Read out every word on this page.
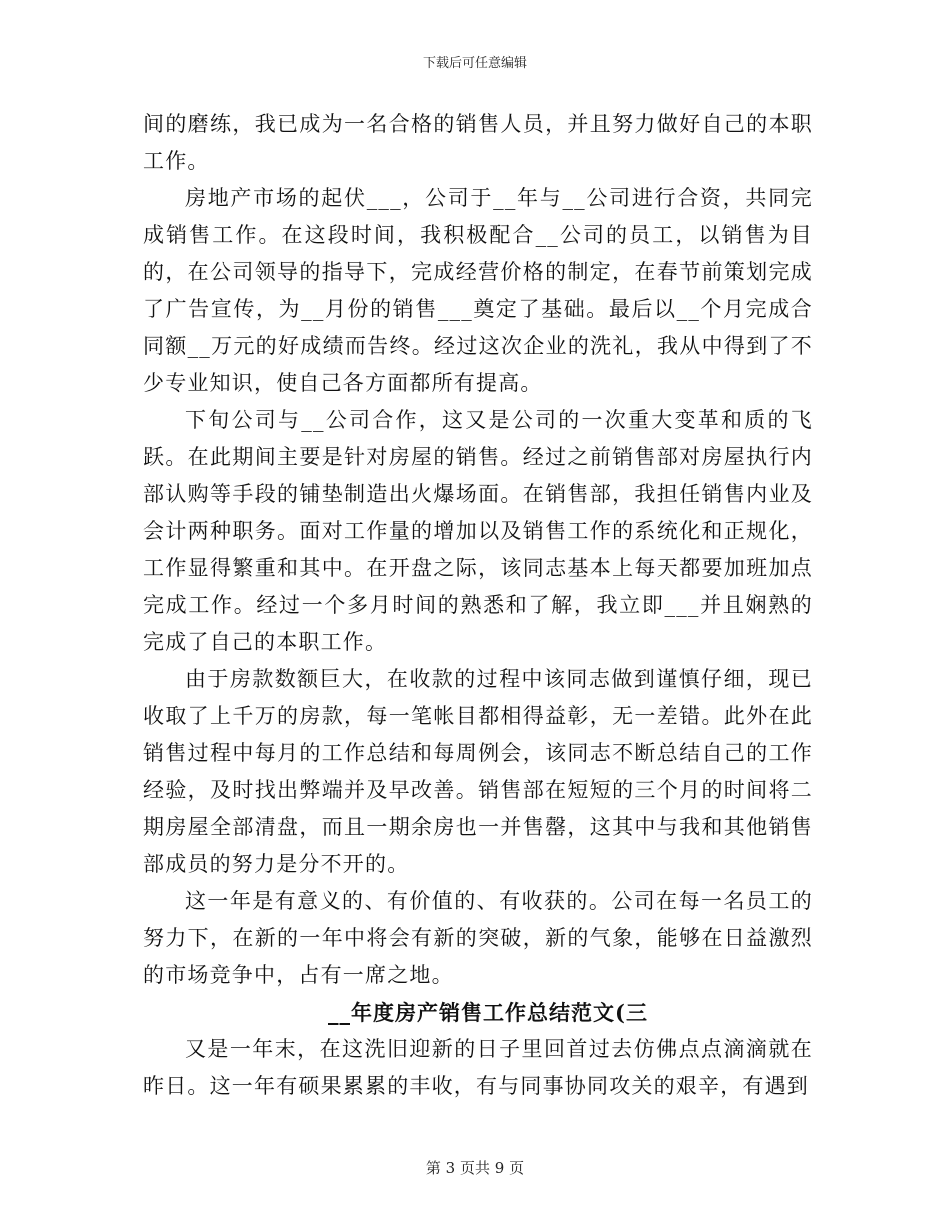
下载后可任意编辑

间的磨练，我已成为一名合格的销售人员，并且努力做好自己的本职工作。

房地产市场的起伏___，公司于__年与__公司进行合资，共同完成销售工作。在这段时间，我积极配合__公司的员工，以销售为目的，在公司领导的指导下，完成经营价格的制定，在春节前策划完成了广告宣传，为__月份的销售___奠定了基础。最后以__个月完成合同额__万元的好成绩而告终。经过这次企业的洗礼，我从中得到了不少专业知识，使自己各方面都所有提高。

下旬公司与__公司合作，这又是公司的一次重大变革和质的飞跃。在此期间主要是针对房屋的销售。经过之前销售部对房屋执行内部认购等手段的铺垫制造出火爆场面。在销售部，我担任销售内业及会计两种职务。面对工作量的增加以及销售工作的系统化和正规化，工作显得繁重和其中。在开盘之际，该同志基本上每天都要加班加点完成工作。经过一个多月时间的熟悉和了解，我立即___并且娴熟的完成了自己的本职工作。

由于房款数额巨大，在收款的过程中该同志做到谨慎仔细，现已收取了上千万的房款，每一笔帐目都相得益彰，无一差错。此外在此销售过程中每月的工作总结和每周例会，该同志不断总结自己的工作经验，及时找出弊端并及早改善。销售部在短短的三个月的时间将二期房屋全部清盘，而且一期余房也一并售罄，这其中与我和其他销售部成员的努力是分不开的。

这一年是有意义的、有价值的、有收获的。公司在每一名员工的努力下，在新的一年中将会有新的突破，新的气象，能够在日益激烈的市场竞争中，占有一席之地。

__年度房产销售工作总结范文(三

又是一年末，在这洗旧迎新的日子里回首过去仿佛点点滴滴就在昨日。这一年有硕果累累的丰收，有与同事协同攻关的艰辛，有遇到

第 3 页共 9 页
